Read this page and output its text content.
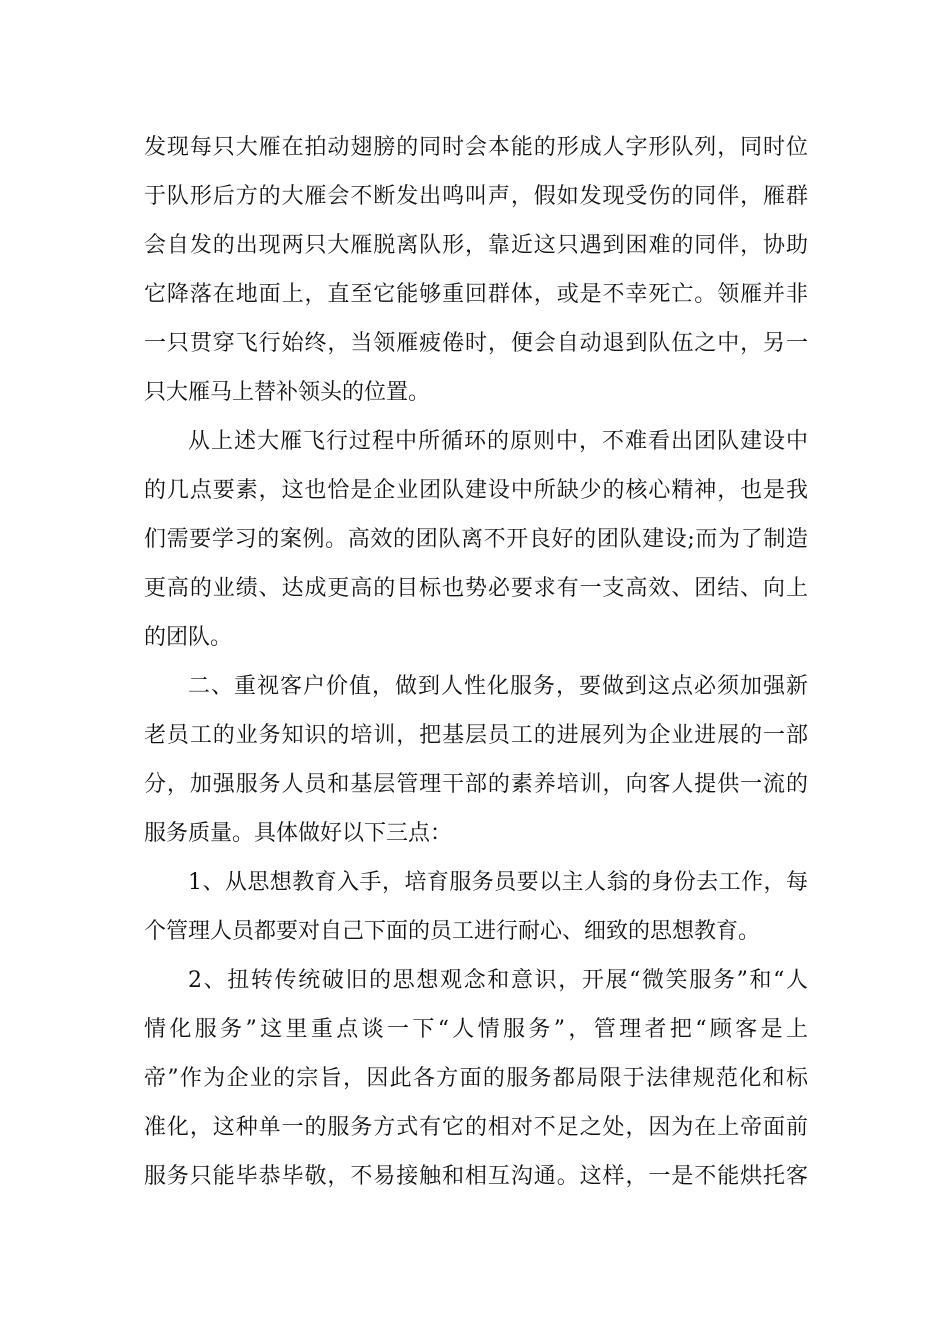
发现每只大雁在拍动翅膀的同时会本能的形成人字形队列，同时位
于队形后方的大雁会不断发出鸣叫声，假如发现受伤的同伴，雁群
会自发的出现两只大雁脱离队形，靠近这只遇到困难的同伴，协助
它降落在地面上，直至它能够重回群体，或是不幸死亡。领雁并非
一只贯穿飞行始终，当领雁疲倦时，便会自动退到队伍之中，另一
只大雁马上替补领头的位置。
从上述大雁飞行过程中所循环的原则中，不难看出团队建设中
的几点要素，这也恰是企业团队建设中所缺少的核心精神，也是我
们需要学习的案例。高效的团队离不开良好的团队建设;而为了制造
更高的业绩、达成更高的目标也势必要求有一支高效、团结、向上
的团队。
二、重视客户价值，做到人性化服务，要做到这点必须加强新
老员工的业务知识的培训，把基层员工的进展列为企业进展的一部
分，加强服务人员和基层管理干部的素养培训，向客人提供一流的
服务质量。具体做好以下三点：
1、从思想教育入手，培育服务员要以主人翁的身份去工作，每
个管理人员都要对自己下面的员工进行耐心、细致的思想教育。
2、扭转传统破旧的思想观念和意识，开展“微笑服务”和“人
情化服务”这里重点谈一下“人情服务”，管理者把“顾客是上
帝”作为企业的宗旨，因此各方面的服务都局限于法律规范化和标
准化，这种单一的服务方式有它的相对不足之处，因为在上帝面前
服务只能毕恭毕敬，不易接触和相互沟通。这样，一是不能烘托客
